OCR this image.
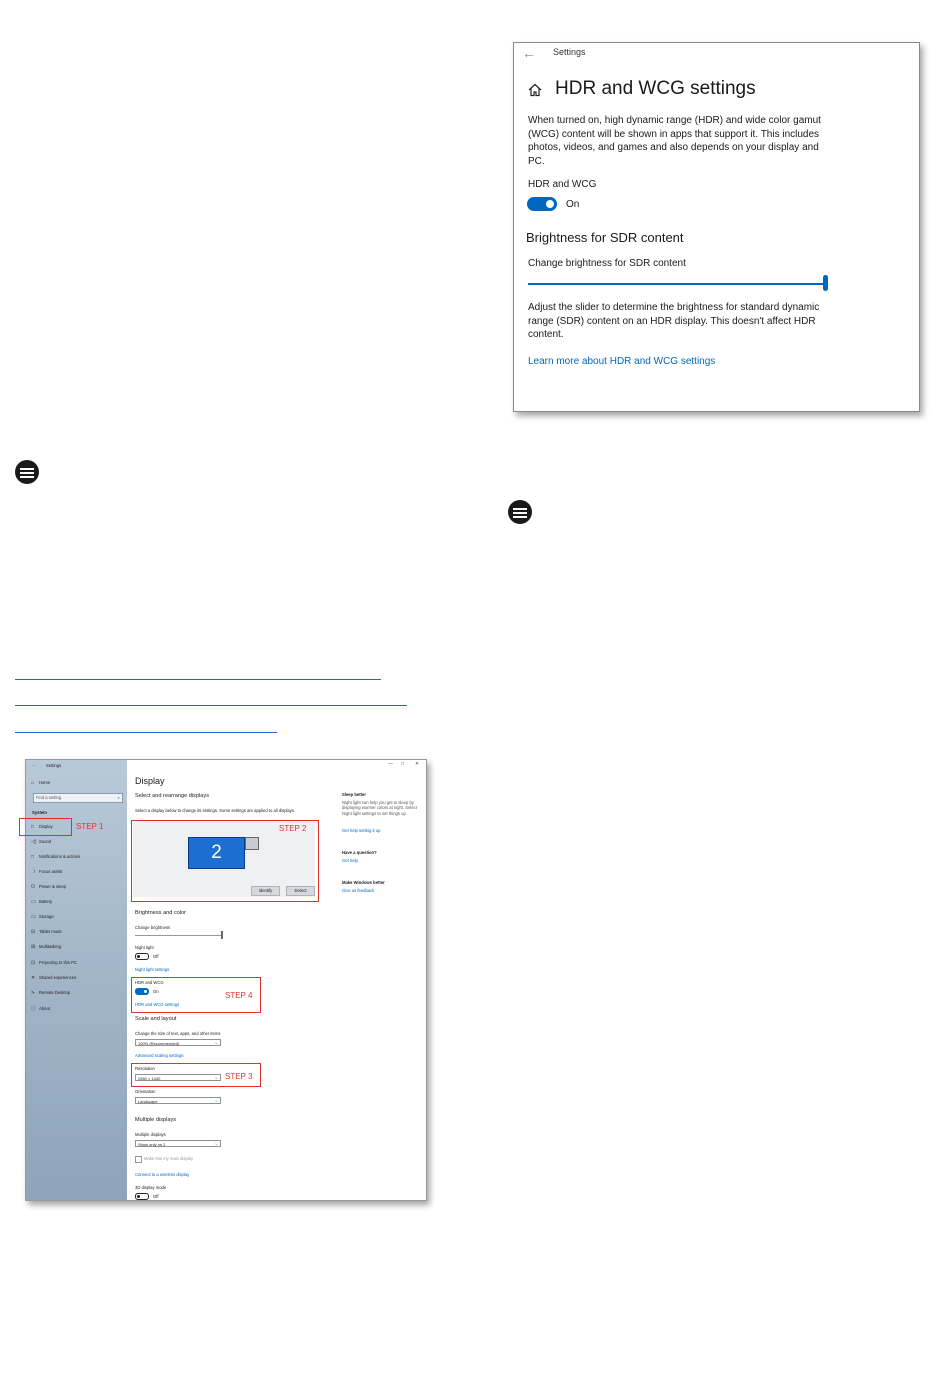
← Settings
HDR and WCG settings
When turned on, high dynamic range (HDR) and wide color gamut (WCG) content will be shown in apps that support it. This includes photos, videos, and games and also depends on your display and PC.
HDR and WCG
On
Brightness for SDR content
Change brightness for SDR content
Adjust the slider to determine the brightness for standard dynamic range (SDR) content on an HDR display. This doesn't affect HDR content.
Learn more about HDR and WCG settings
← Settings	— □ ✕
⌂ Home
Find a setting	⌕
System
□ Display
◁) Sound
□ Notifications & actions
☽ Focus assist
⏻ Power & sleep
▭ Battery
▭ Storage
⊟ Tablet mode
⊞ Multitasking
⊡ Projecting to this PC
✕ Shared experiences
≻ Remote Desktop
ⓘ About
Display
Select and rearrange displays
Select a display below to change its settings. Some settings are applied to all displays.
2
Identify	Detect
Brightness and color
Change brightness
Night light
Off
Night light settings
HDR and WCG
On
HDR and WCG settings
Scale and layout
Change the size of text, apps, and other items
100% (Recommended) ⌵
Advanced scaling settings
Resolution
2560 × 1440 ⌵
Orientation
Landscape ⌵
Multiple displays
Multiple displays
Show only on 2 ⌵
Make this my main display
Connect to a wireless display
3D display mode
Off
Sleep better
Night light can help you get to sleep by displaying warmer colors at night. Select Night light settings to set things up.
Get help setting it up
Have a question?
Get help
Make Windows better
Give us feedback
STEP 1	STEP 2
STEP 4
STEP 3
